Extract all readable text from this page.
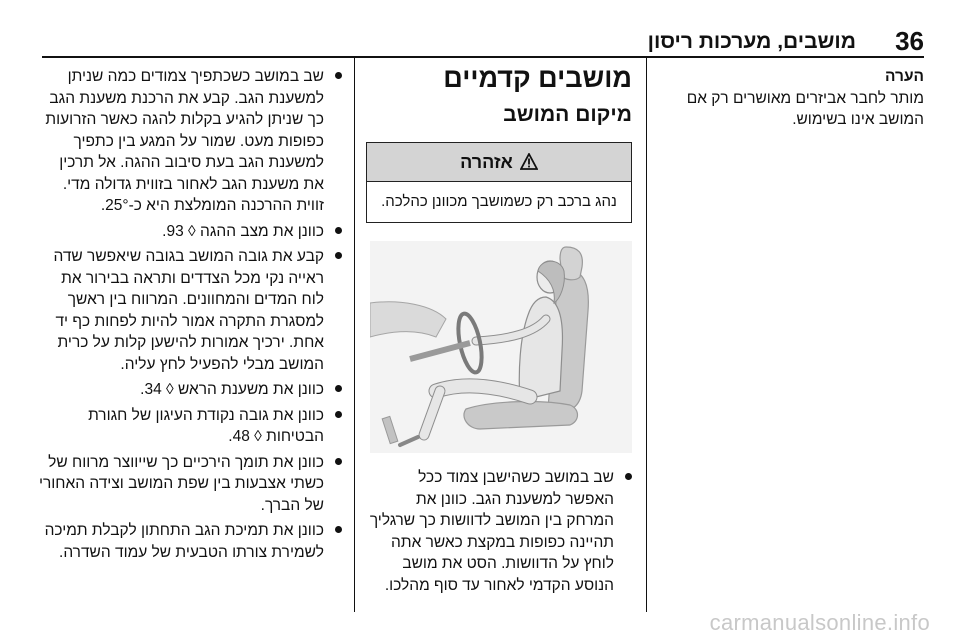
36
מושבים, מערכות ריסון
הערה
מותר לחבר אביזרים מאושרים רק אם המושב אינו בשימוש.
מושבים קדמיים
מיקום המושב
אזהרה
נהג ברכב רק כשמושבך מכוונן כהלכה.
שב במושב כשהישבן צמוד ככל האפשר למשענת הגב. כוונן את המרחק בין המושב לדוושות כך שרגליך תהיינה כפופות במקצת כאשר אתה לוחץ על הדוושות. הסט את מושב הנוסע הקדמי לאחור עד סוף מהלכו.
שב במושב כשכתפיך צמודים כמה שניתן למשענת הגב. קבע את הרכנת משענת הגב כך שניתן להגיע בקלות להגה כאשר הזרועות כפופות מעט. שמור על המגע בין כתפיך למשענת הגב בעת סיבוב ההגה. אל תרכין את משענת הגב לאחור בזווית גדולה מדי. זווית ההרכנה המומלצת היא כ-25°.
כוונן את מצב ההגה ◊ 93.
קבע את גובה המושב בגובה שיאפשר שדה ראייה נקי מכל הצדדים ותראה בבירור את לוח המדים והמחוונים. המרווח בין ראשך למסגרת התקרה אמור להיות לפחות כף יד אחת. ירכיך אמורות להישען קלות על כרית המושב מבלי להפעיל לחץ עליה.
כוונן את משענת הראש ◊ 34.
כוונן את גובה נקודת העיגון של חגורת הבטיחות ◊ 48.
כוונן את תומך הירכיים כך שייווצר מרווח של כשתי אצבעות בין שפת המושב וצידה האחורי של הברך.
כוונן את תמיכת הגב התחתון לקבלת תמיכה לשמירת צורתו הטבעית של עמוד השדרה.
carmanualsonline.info
